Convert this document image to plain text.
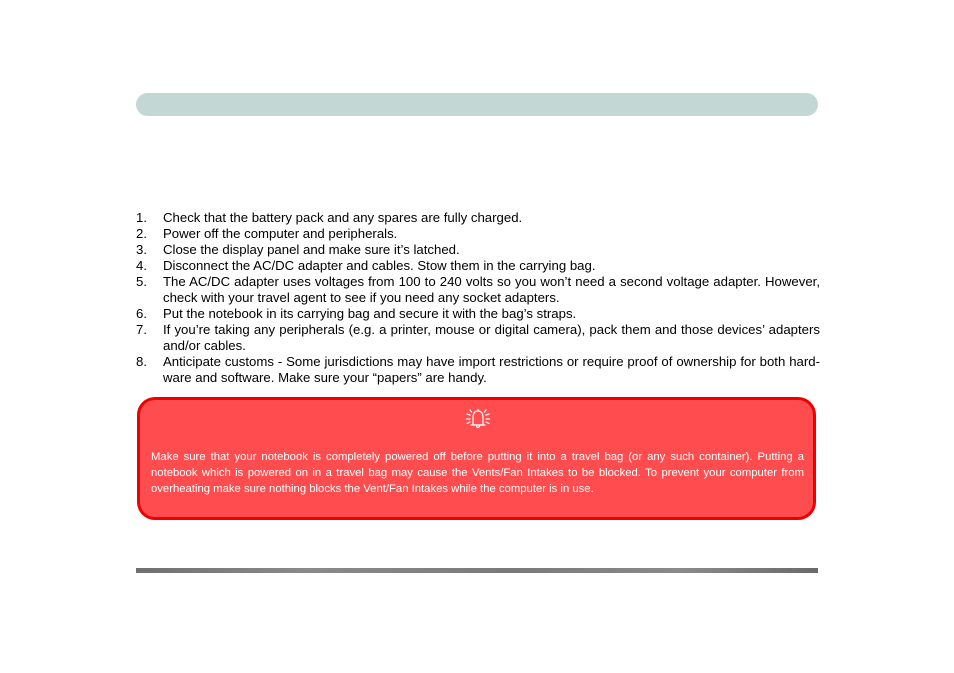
1. Check that the battery pack and any spares are fully charged.
2. Power off the computer and peripherals.
3. Close the display panel and make sure it’s latched.
4. Disconnect the AC/DC adapter and cables. Stow them in the carrying bag.
5. The AC/DC adapter uses voltages from 100 to 240 volts so you won’t need a second voltage adapter. However, check with your travel agent to see if you need any socket adapters.
6. Put the notebook in its carrying bag and secure it with the bag’s straps.
7. If you’re taking any peripherals (e.g. a printer, mouse or digital camera), pack them and those devices’ adapters and/or cables.
8. Anticipate customs - Some jurisdictions may have import restrictions or require proof of ownership for both hard-ware and software. Make sure your “papers” are handy.

Make sure that your notebook is completely powered off before putting it into a travel bag (or any such container). Putting a notebook which is powered on in a travel bag may cause the Vents/Fan Intakes to be blocked. To prevent your computer from overheating make sure nothing blocks the Vent/Fan Intakes while the computer is in use.
